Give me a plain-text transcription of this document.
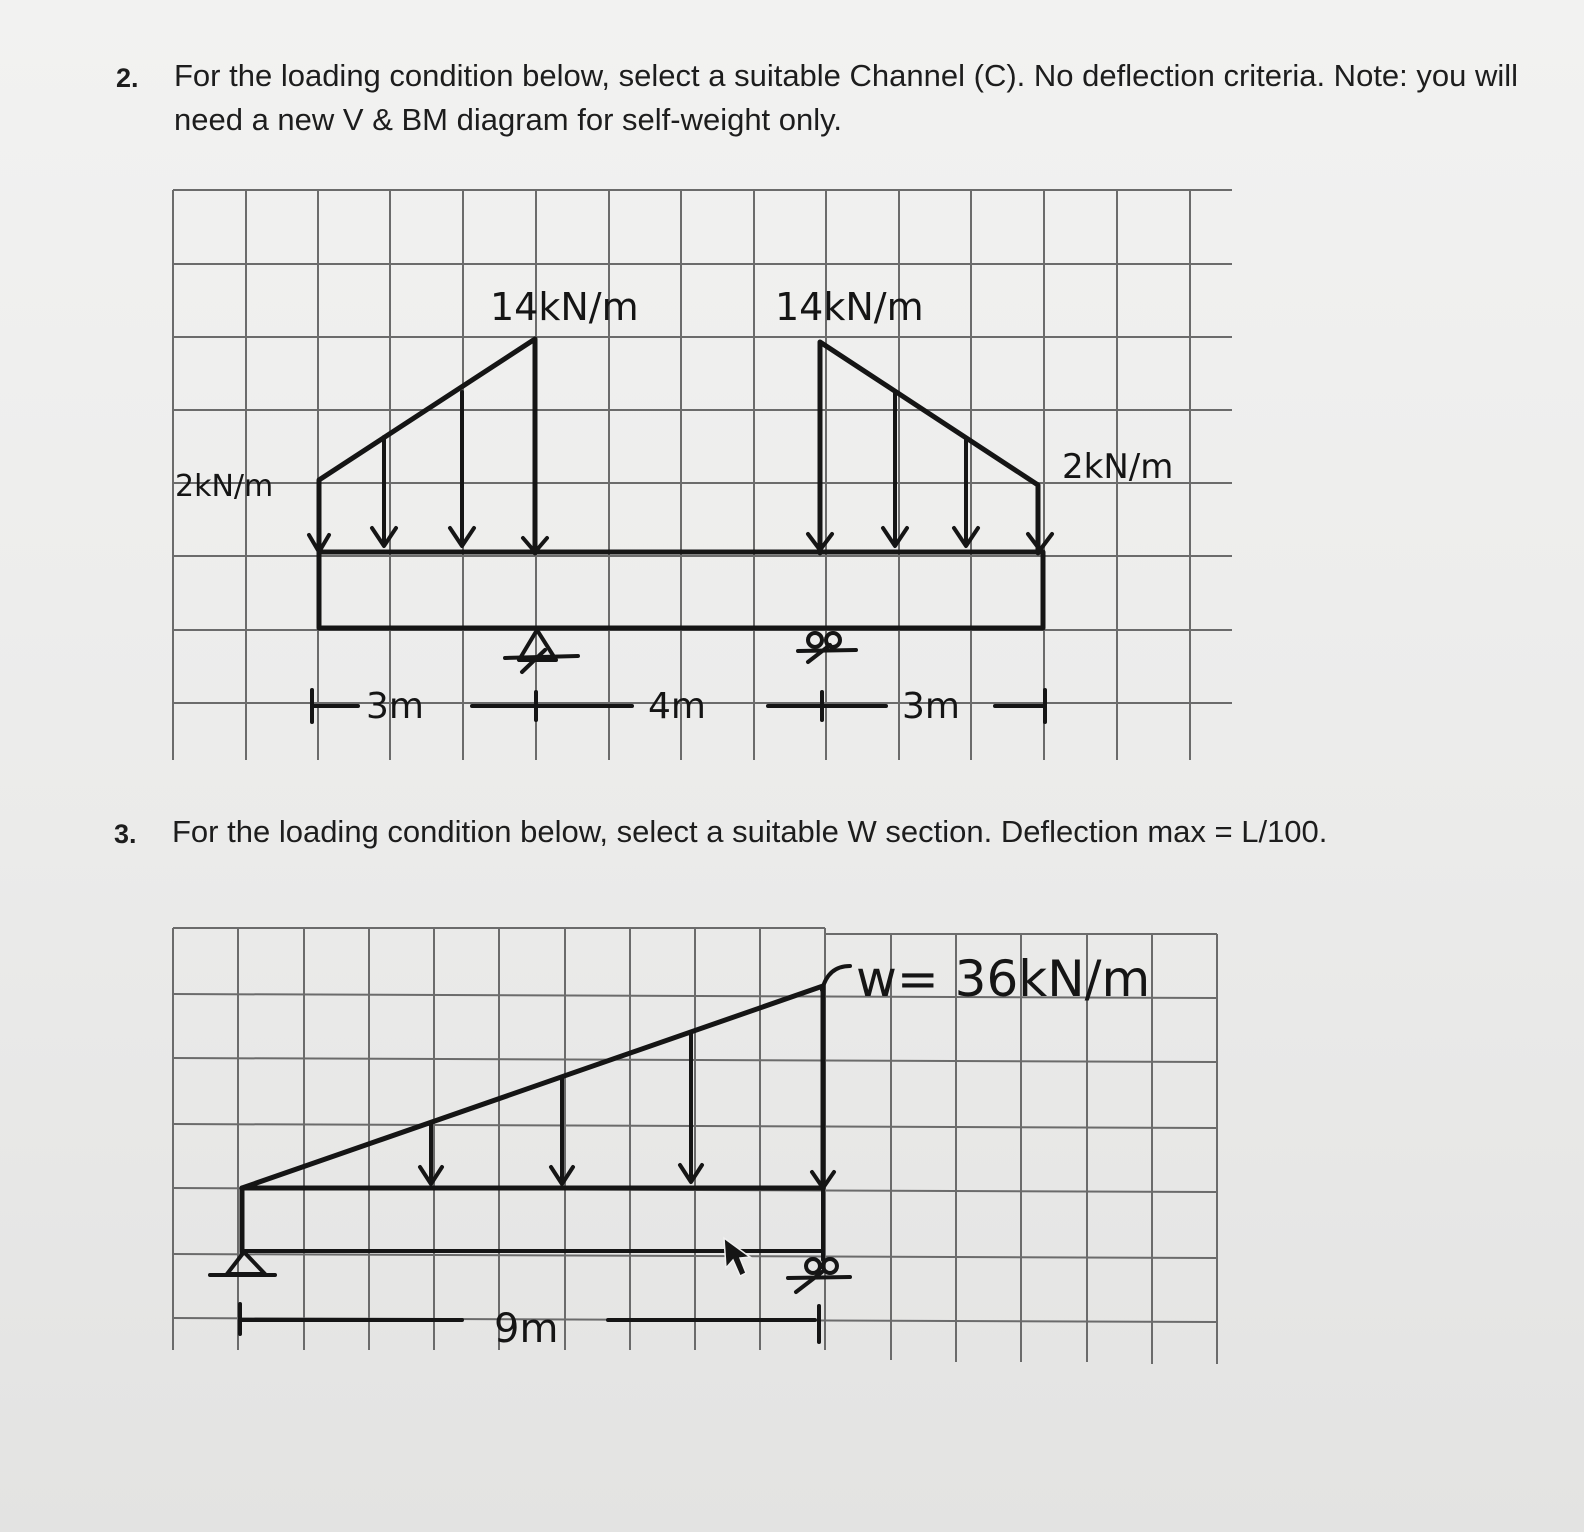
2. For the loading condition below, select a suitable Channel (C). No deflection criteria. Note: you will need a new V & BM diagram for self-weight only.
2kN/m
14kN/m	14kN/m
2kN/m
3m	4m	3m
w= 36kN/m
9m
3. For the loading condition below, select a suitable W section. Deflection max = L/100.
